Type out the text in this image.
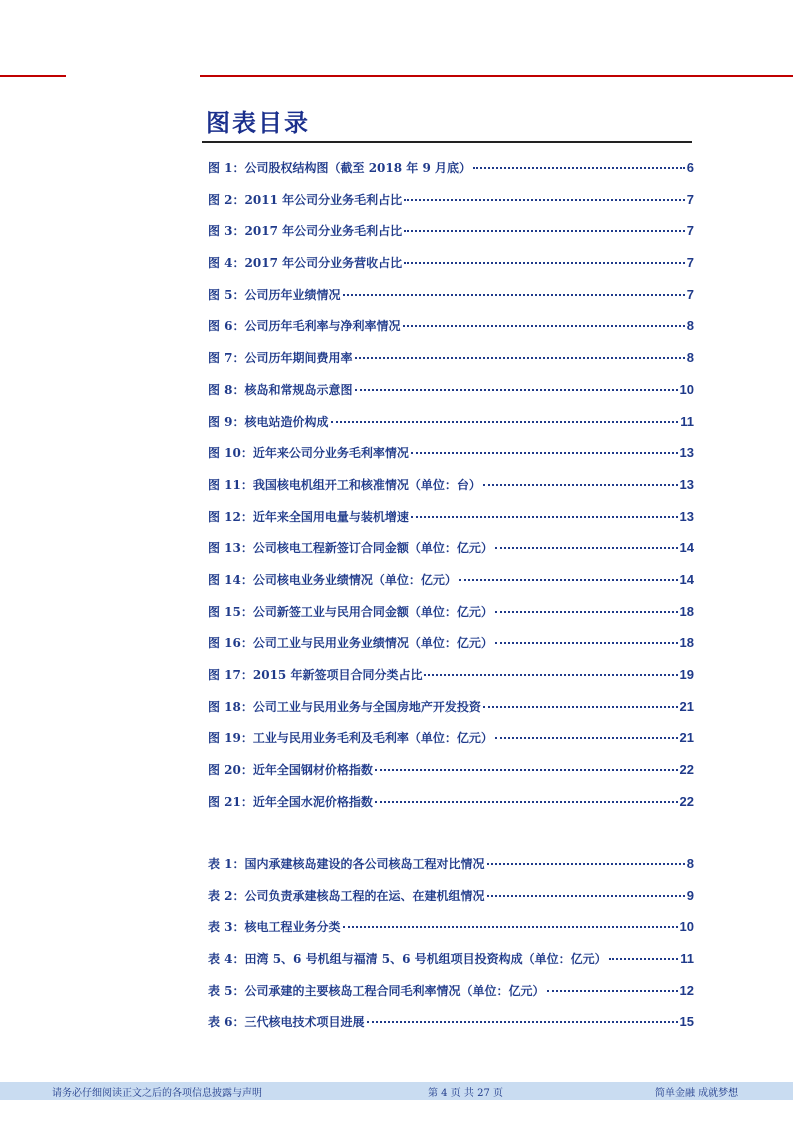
图表目录
图 1：公司股权结构图（截至 2018 年 9 月底）	6
图 2：2011 年公司分业务毛利占比	7
图 3：2017 年公司分业务毛利占比	7
图 4：2017 年公司分业务营收占比	7
图 5：公司历年业绩情况	7
图 6：公司历年毛利率与净利率情况	8
图 7：公司历年期间费用率	8
图 8：核岛和常规岛示意图	10
图 9：核电站造价构成	11
图 10：近年来公司分业务毛利率情况	13
图 11：我国核电机组开工和核准情况（单位：台）	13
图 12：近年来全国用电量与装机增速	13
图 13：公司核电工程新签订合同金额（单位：亿元）	14
图 14：公司核电业务业绩情况（单位：亿元）	14
图 15：公司新签工业与民用合同金额（单位：亿元）	18
图 16：公司工业与民用业务业绩情况（单位：亿元）	18
图 17：2015 年新签项目合同分类占比	19
图 18：公司工业与民用业务与全国房地产开发投资	21
图 19：工业与民用业务毛利及毛利率（单位：亿元）	21
图 20：近年全国钢材价格指数	22
图 21：近年全国水泥价格指数	22
表 1：国内承建核岛建设的各公司核岛工程对比情况	8
表 2：公司负责承建核岛工程的在运、在建机组情况	9
表 3：核电工程业务分类	10
表 4：田湾 5、6 号机组与福清 5、6 号机组项目投资构成（单位：亿元）	11
表 5：公司承建的主要核岛工程合同毛利率情况（单位：亿元）	12
表 6：三代核电技术项目进展	15
请务必仔细阅读正文之后的各项信息披露与声明	第 4 页 共 27 页	简单金融 成就梦想
